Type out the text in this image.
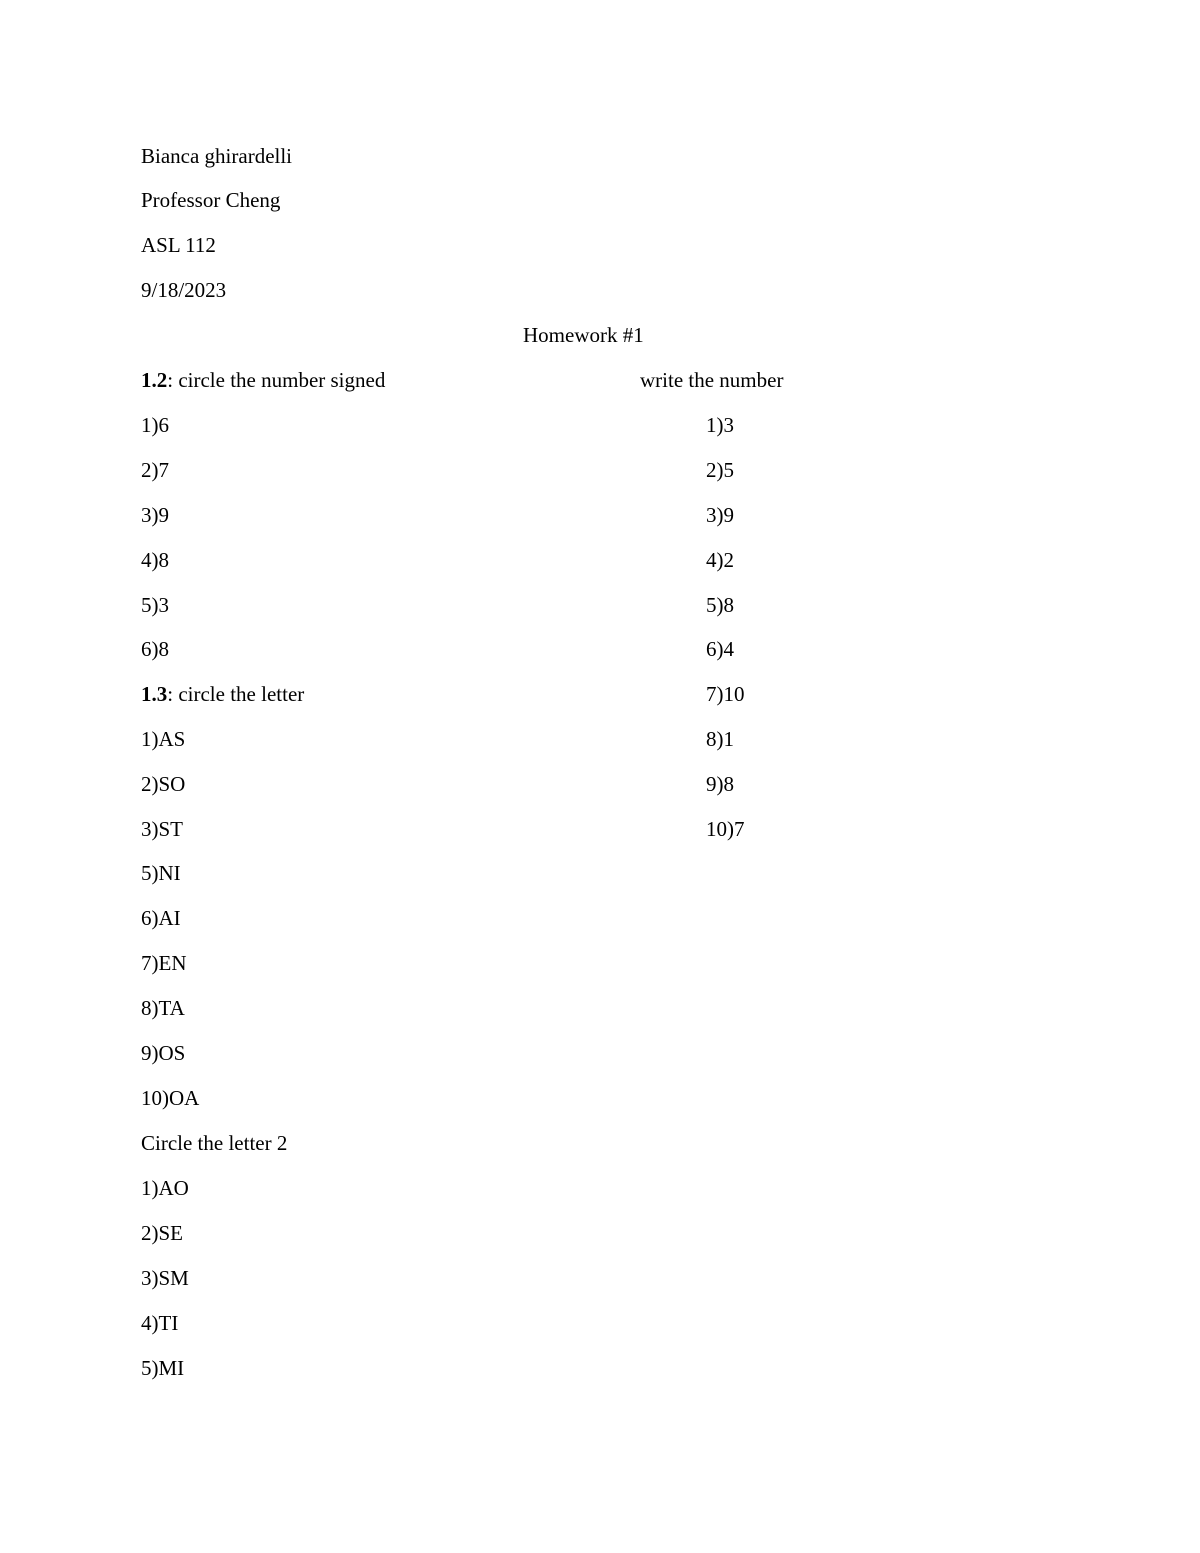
Bianca ghirardelli
Professor Cheng
ASL 112
9/18/2023
Homework #1
1.2: circle the number signed	write the number
1)6
2)7
3)9
4)8
5)3
6)8
1)3
2)5
3)9
4)2
5)8
6)4
7)10
8)1
9)8
10)7
1.3: circle the letter
1)AS
2)SO
3)ST
5)NI
6)AI
7)EN
8)TA
9)OS
10)OA
Circle the letter 2
1)AO
2)SE
3)SM
4)TI
5)MI
